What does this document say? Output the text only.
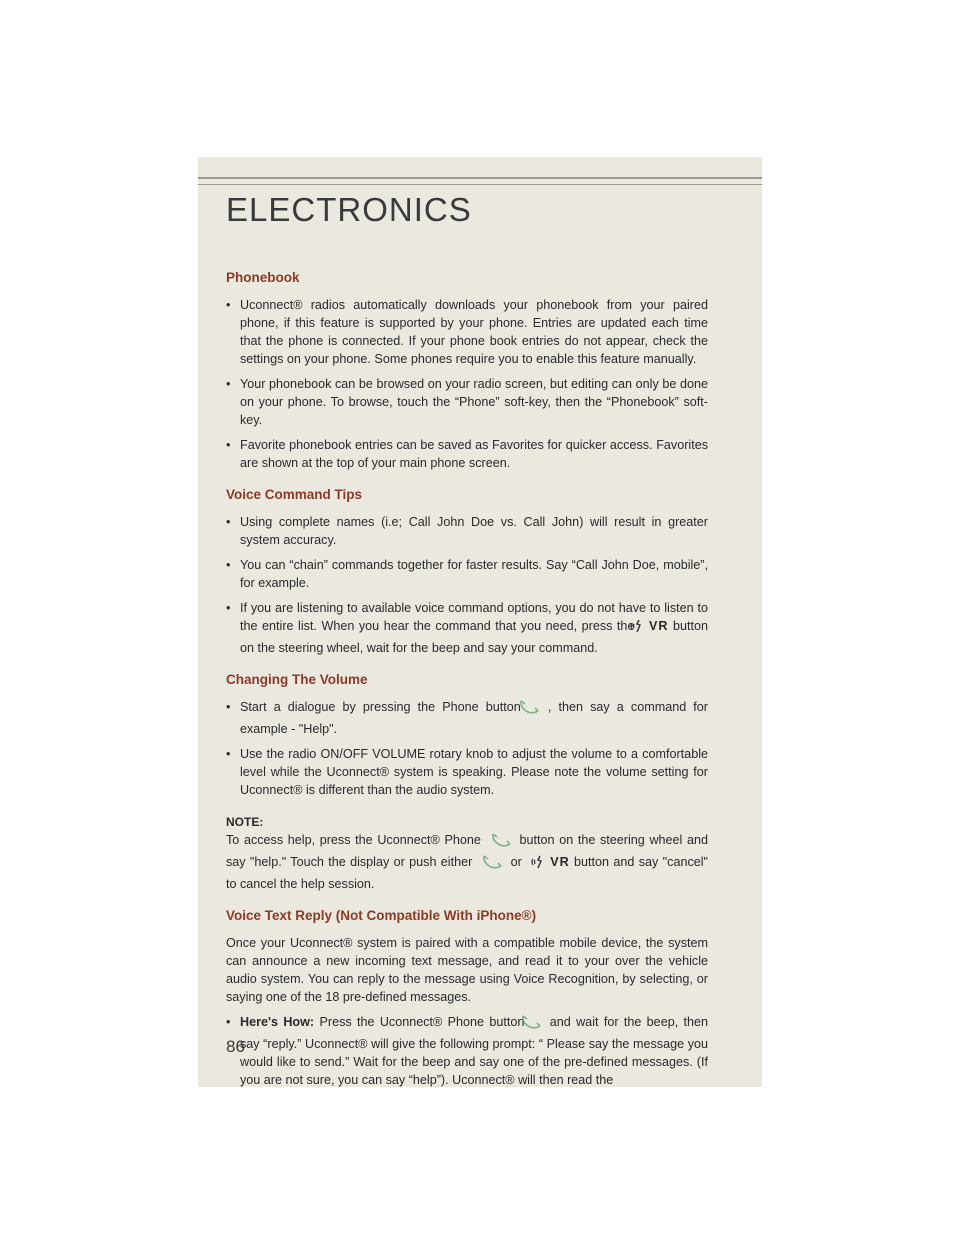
ELECTRONICS
Phonebook

• Uconnect® radios automatically downloads your phonebook from your paired phone, if this feature is supported by your phone. Entries are updated each time that the phone is connected. If your phone book entries do not appear, check the settings on your phone. Some phones require you to enable this feature manually.

• Your phonebook can be browsed on your radio screen, but editing can only be done on your phone. To browse, touch the “Phone” soft-key, then the “Phonebook” soft-key.

• Favorite phonebook entries can be saved as Favorites for quicker access. Favorites are shown at the top of your main phone screen.

Voice Command Tips

• Using complete names (i.e; Call John Doe vs. Call John) will result in greater system accuracy.

• You can “chain” commands together for faster results. Say “Call John Doe, mobile”, for example.

• If you are listening to available voice command options, you do not have to listen to the entire list. When you hear the command that you need, press the VR button on the steering wheel, wait for the beep and say your command.

Changing The Volume

• Start a dialogue by pressing the Phone button , then say a command for example - "Help".

• Use the radio ON/OFF VOLUME rotary knob to adjust the volume to a comfortable level while the Uconnect® system is speaking. Please note the volume setting for Uconnect® is different than the audio system.

NOTE:

To access help, press the Uconnect® Phone	button on the steering wheel and say "help." Touch the display or push either	or VR button and say "cancel" to cancel the help session.

Voice Text Reply (Not Compatible With iPhone®)

Once your Uconnect® system is paired with a compatible mobile device, the system can announce a new incoming text message, and read it to your over the vehicle audio system. You can reply to the message using Voice Recognition, by selecting, or saying one of the 18 pre-defined messages.

• Here's How: Press the Uconnect® Phone button and wait for the beep, then say “reply.” Uconnect® will give the following prompt: “ Please say the message you would like to send.” Wait for the beep and say one of the pre-defined messages. (If you are not sure, you can say “help”). Uconnect® will then read the

86
